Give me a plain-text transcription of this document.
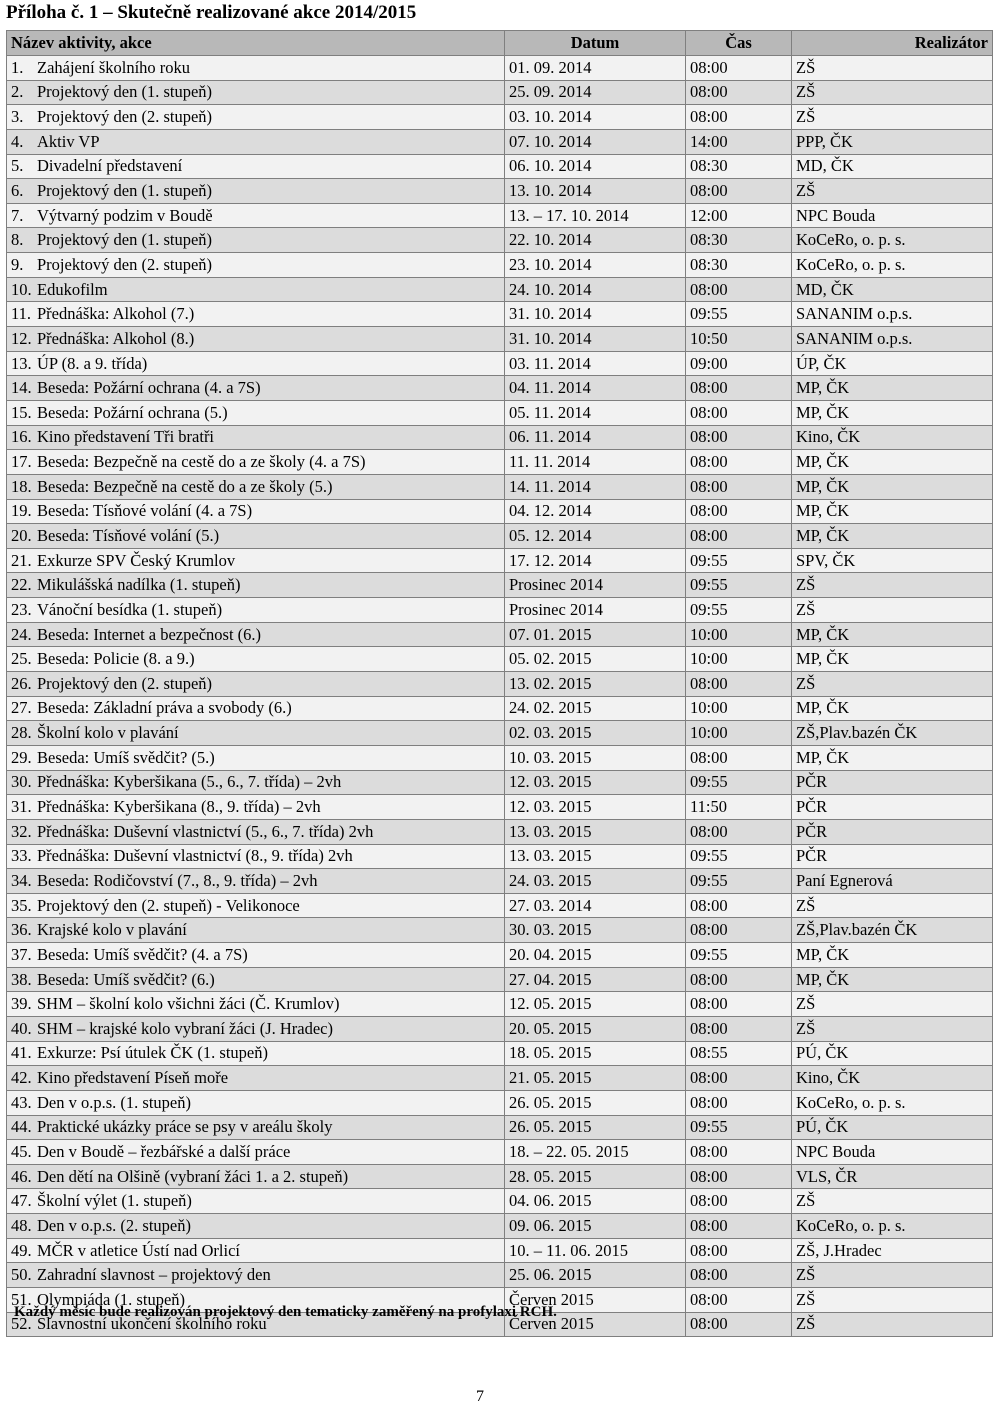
Příloha č. 1 – Skutečně realizované akce 2014/2015
Název aktivity, akce	Datum	Čas	Realizátor
1. Zahájení školního roku	01. 09. 2014	08:00	ZŠ
2. Projektový den (1. stupeň)	25. 09. 2014	08:00	ZŠ
3. Projektový den (2. stupeň)	03. 10. 2014	08:00	ZŠ
4. Aktiv VP	07. 10. 2014	14:00	PPP, ČK
5. Divadelní představení	06. 10. 2014	08:30	MD, ČK
6. Projektový den (1. stupeň)	13. 10. 2014	08:00	ZŠ
7. Výtvarný podzim v Boudě	13. – 17. 10. 2014	12:00	NPC Bouda
8. Projektový den (1. stupeň)	22. 10. 2014	08:30	KoCeRo, o. p. s.
9. Projektový den (2. stupeň)	23. 10. 2014	08:30	KoCeRo, o. p. s.
10. Edukofilm	24. 10. 2014	08:00	MD, ČK
11. Přednáška: Alkohol (7.)	31. 10. 2014	09:55	SANANIM o.p.s.
12. Přednáška: Alkohol (8.)	31. 10. 2014	10:50	SANANIM o.p.s.
13. ÚP (8. a 9. třída)	03. 11. 2014	09:00	ÚP, ČK
14. Beseda: Požární ochrana (4. a 7S)	04. 11. 2014	08:00	MP, ČK
15. Beseda: Požární ochrana (5.)	05. 11. 2014	08:00	MP, ČK
16. Kino představení Tři bratři	06. 11. 2014	08:00	Kino, ČK
17. Beseda: Bezpečně na cestě do a ze školy (4. a 7S)	11. 11. 2014	08:00	MP, ČK
18. Beseda: Bezpečně na cestě do a ze školy (5.)	14. 11. 2014	08:00	MP, ČK
19. Beseda: Tísňové volání (4. a 7S)	04. 12. 2014	08:00	MP, ČK
20. Beseda: Tísňové volání (5.)	05. 12. 2014	08:00	MP, ČK
21. Exkurze SPV Český Krumlov	17. 12. 2014	09:55	SPV, ČK
22. Mikulášská nadílka (1. stupeň)	Prosinec 2014	09:55	ZŠ
23. Vánoční besídka (1. stupeň)	Prosinec 2014	09:55	ZŠ
24. Beseda: Internet a bezpečnost (6.)	07. 01. 2015	10:00	MP, ČK
25. Beseda: Policie (8. a 9.)	05. 02. 2015	10:00	MP, ČK
26. Projektový den (2. stupeň)	13. 02. 2015	08:00	ZŠ
27. Beseda: Základní práva a svobody (6.)	24. 02. 2015	10:00	MP, ČK
28. Školní kolo v plavání	02. 03. 2015	10:00	ZŠ,Plav.bazén ČK
29. Beseda: Umíš svědčit? (5.)	10. 03. 2015	08:00	MP, ČK
30. Přednáška: Kyberšikana (5., 6., 7. třída) – 2vh	12. 03. 2015	09:55	PČR
31. Přednáška: Kyberšikana (8., 9. třída) – 2vh	12. 03. 2015	11:50	PČR
32. Přednáška: Duševní vlastnictví (5., 6., 7. třída) 2vh	13. 03. 2015	08:00	PČR
33. Přednáška: Duševní vlastnictví (8., 9. třída) 2vh	13. 03. 2015	09:55	PČR
34. Beseda: Rodičovství (7., 8., 9. třída) – 2vh	24. 03. 2015	09:55	Paní Egnerová
35. Projektový den (2. stupeň) - Velikonoce	27. 03. 2014	08:00	ZŠ
36. Krajské kolo v plavání	30. 03. 2015	08:00	ZŠ,Plav.bazén ČK
37. Beseda: Umíš svědčit? (4. a 7S)	20. 04. 2015	09:55	MP, ČK
38. Beseda: Umíš svědčit? (6.)	27. 04. 2015	08:00	MP, ČK
39. SHM – školní kolo všichni žáci (Č. Krumlov)	12. 05. 2015	08:00	ZŠ
40. SHM – krajské kolo vybraní žáci (J. Hradec)	20. 05. 2015	08:00	ZŠ
41. Exkurze: Psí útulek ČK (1. stupeň)	18. 05. 2015	08:55	PÚ, ČK
42. Kino představení Píseň moře	21. 05. 2015	08:00	Kino, ČK
43. Den v o.p.s. (1. stupeň)	26. 05. 2015	08:00	KoCeRo, o. p. s.
44. Praktické ukázky práce se psy v areálu školy	26. 05. 2015	09:55	PÚ, ČK
45. Den v Boudě – řezbářské a další práce	18. – 22. 05. 2015	08:00	NPC Bouda
46. Den dětí na Olšině (vybraní žáci 1. a 2. stupeň)	28. 05. 2015	08:00	VLS, ČR
47. Školní výlet (1. stupeň)	04. 06. 2015	08:00	ZŠ
48. Den v o.p.s. (2. stupeň)	09. 06. 2015	08:00	KoCeRo, o. p. s.
49. MČR v atletice Ústí nad Orlicí	10. – 11. 06. 2015	08:00	ZŠ, J.Hradec
50. Zahradní slavnost – projektový den	25. 06. 2015	08:00	ZŠ
51. Olympiáda (1. stupeň)	Červen 2015	08:00	ZŠ
52. Slavnostní ukončení školního roku	Červen 2015	08:00	ZŠ
Každý měsíc bude realizován projektový den tematicky zaměřený na profylaxi RCH.
7
